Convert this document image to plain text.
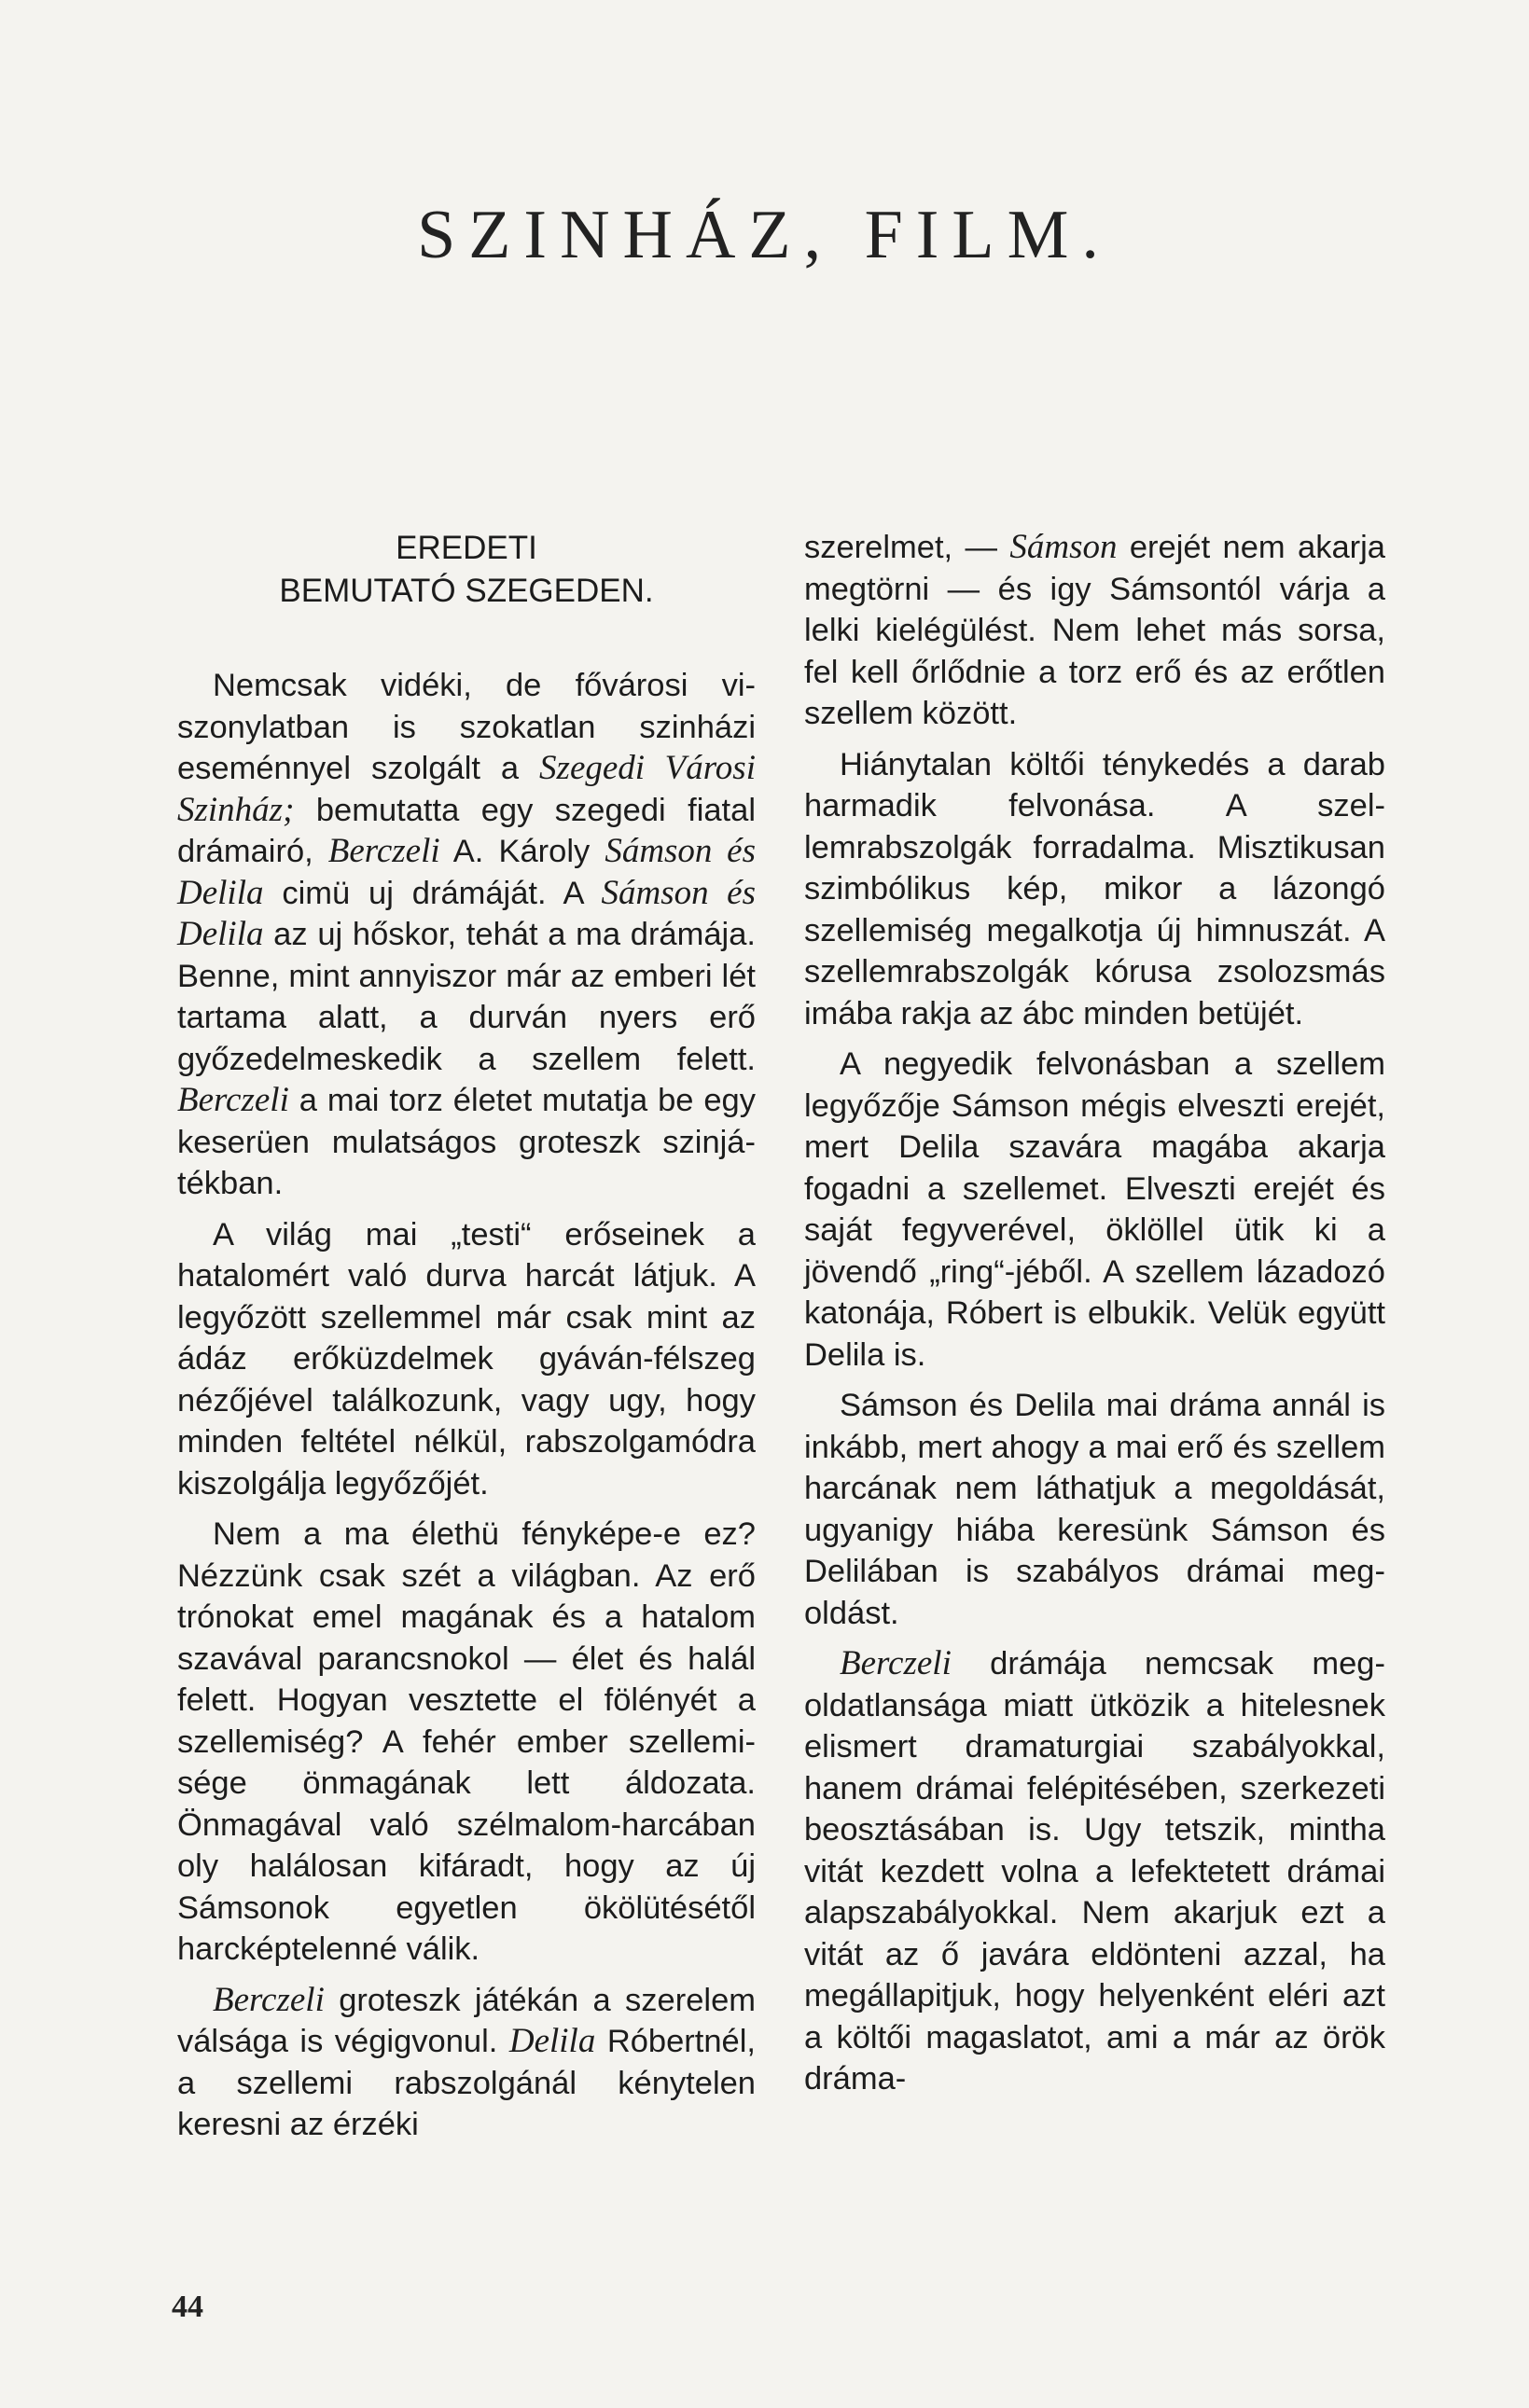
SZINHÁZ, FILM.
EREDETI
BEMUTATÓ SZEGEDEN.

Nemcsak vidéki, de fővárosi viszonylatban is szokatlan szinházi eseménnyel szolgált a Szegedi Városi Szinház; bemutatta egy szegedi fiatal drámairó, Berczeli A. Károly Sámson és Delila cimü uj drámáját. A Sámson és Delila az uj hőskor, tehát a ma drámája. Benne, mint annyiszor már az emberi lét tartama alatt, a durván nyers erő győzedelmeskedik a szellem felett. Berczeli a mai torz életet mutatja be egy keserüen mulatságos groteszk szinjátékban.

A világ mai „testi“ erőseinek a hatalomért való durva harcát látjuk. A legyőzött szellemmel már csak mint az ádáz erőküzdelmek gyáván-félszeg nézőjével találkozunk, vagy ugy, hogy minden feltétel nélkül, rabszolgamódra kiszolgálja legyőzőjét.

Nem a ma élethü fényképe-e ez? Nézzünk csak szét a világban. Az erő trónokat emel magának és a hatalom szavával parancsnokol — élet és halál felett. Hogyan vesztette el fölényét a szellemiség? A fehér ember szellemisége önmagának lett áldozata. Önmagával való szélmalom-harcában oly halálosan kifáradt, hogy az új Sámsonok egyetlen ökölütésétől harcképtelenné válik.

Berczeli groteszk játékán a szerelem válsága is végigvonul. Delila Róbertnél, a szellemi rabszolgánál kénytelen keresni az érzéki

szerelmet, — Sámson erejét nem akarja megtörni — és igy Sámsontól várja a lelki kielégülést. Nem lehet más sorsa, fel kell őrlődnie a torz erő és az erőtlen szellem között.

Hiánytalan költői ténykedés a darab harmadik felvonása. A szellemrabszolgák forradalma. Misztikusan szimbólikus kép, mikor a lázongó szellemiség megalkotja új himnuszát. A szellemrabszolgák kórusa zsolozsmás imába rakja az ábc minden betüjét.

A negyedik felvonásban a szellem legyőzője Sámson mégis elveszti erejét, mert Delila szavára magába akarja fogadni a szellemet. Elveszti erejét és saját fegyverével, öklöllel ütik ki a jövendő „ring“-jéből. A szellem lázadozó katonája, Róbert is elbukik. Velük együtt Delila is.

Sámson és Delila mai dráma annál is inkább, mert ahogy a mai erő és szellem harcának nem láthatjuk a megoldását, ugyanigy hiába keresünk Sámson és Delilában is szabályos drámai megoldást.

Berczeli drámája nemcsak megoldatlansága miatt ütközik a hitelesnek elismert dramaturgiai szabályokkal, hanem drámai felépitésében, szerkezeti beosztásában is. Ugy tetszik, mintha vitát kezdett volna a lefektetett drámai alapszabályokkal. Nem akarjuk ezt a vitát az ő javára eldönteni azzal, ha megállapitjuk, hogy helyenként eléri azt a költői magaslatot, ami a már az örök dráma-

44
